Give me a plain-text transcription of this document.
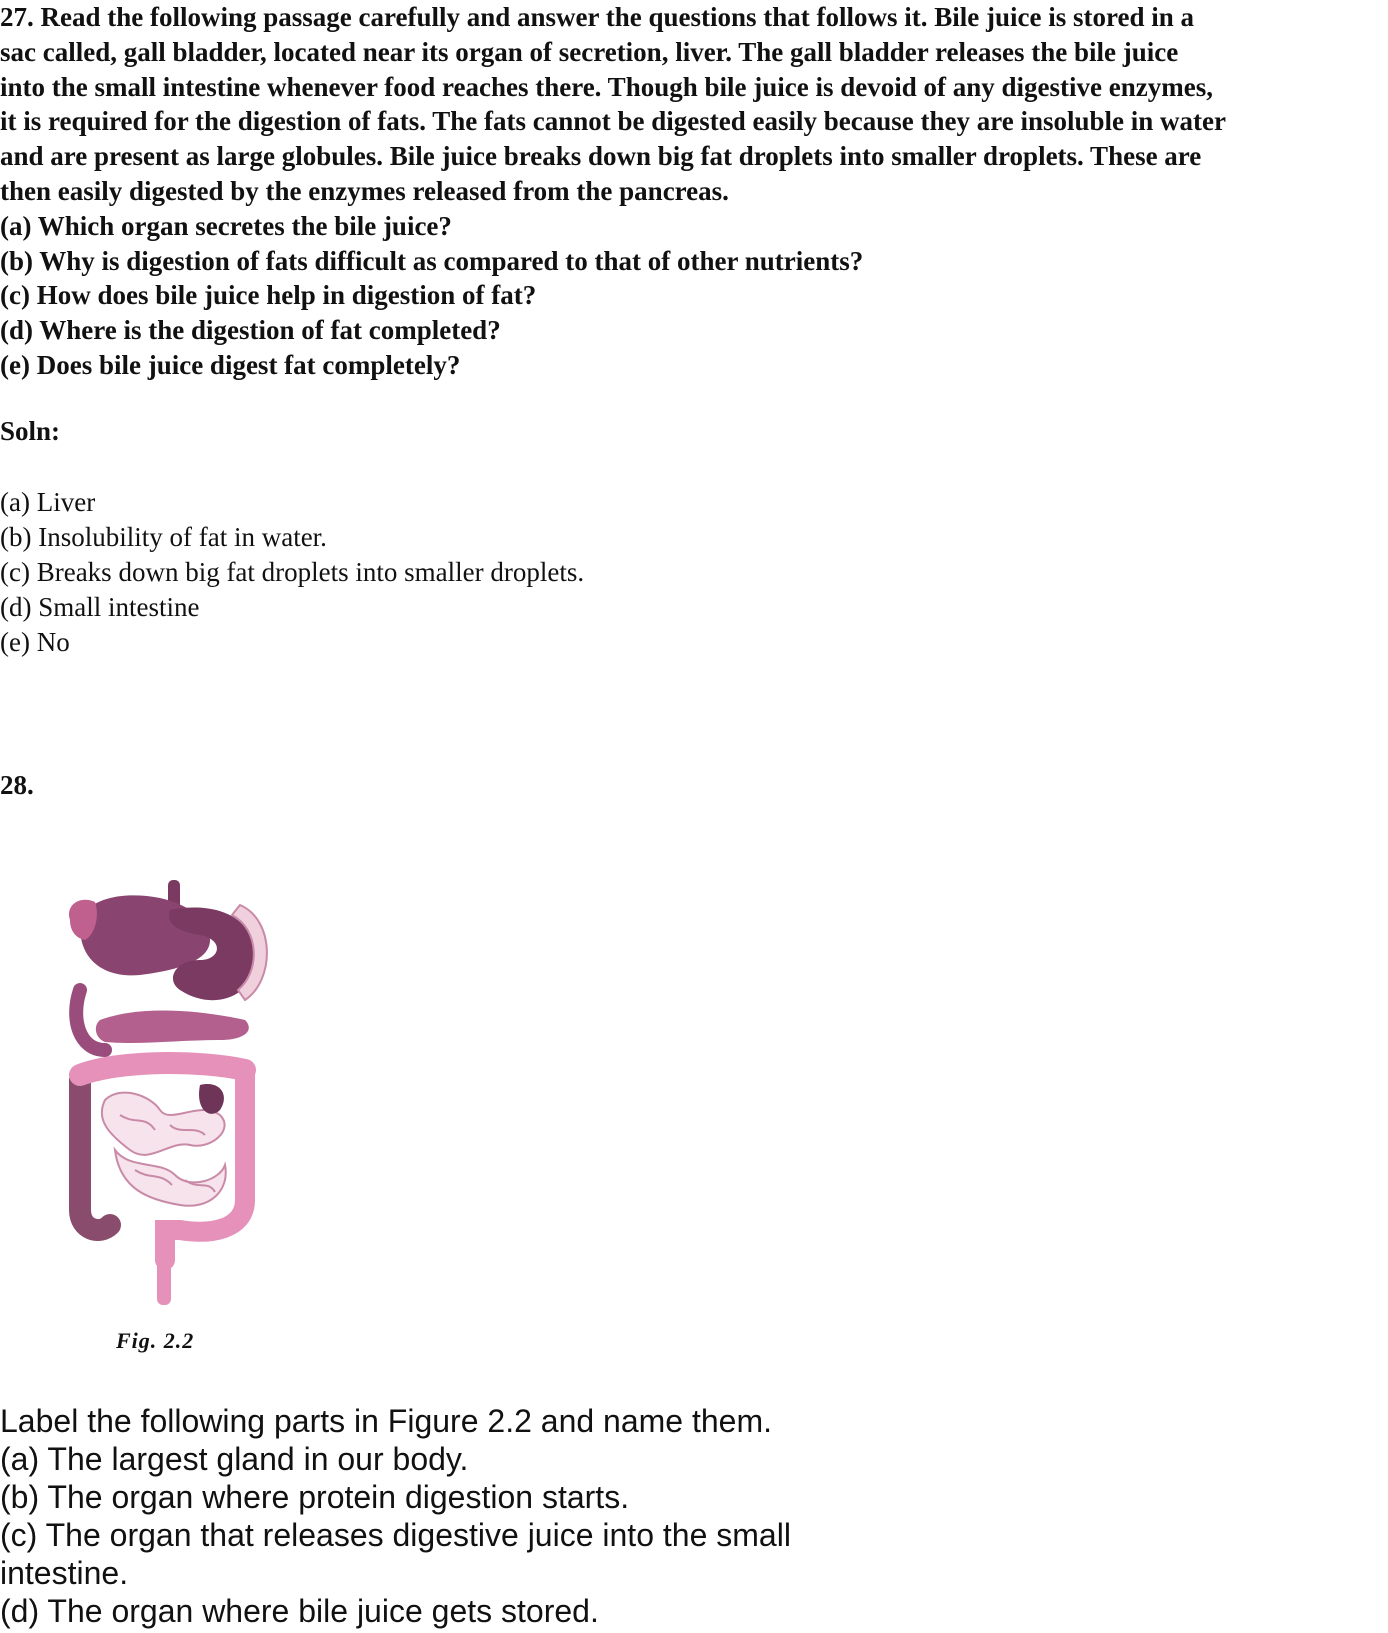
27. Read the following passage carefully and answer the questions that follows it. Bile juice is stored in a
sac called, gall bladder, located near its organ of secretion, liver. The gall bladder releases the bile juice
into the small intestine whenever food reaches there. Though bile juice is devoid of any digestive enzymes,
it is required for the digestion of fats. The fats cannot be digested easily because they are insoluble in water
and are present as large globules. Bile juice breaks down big fat droplets into smaller droplets. These are
then easily digested by the enzymes released from the pancreas.
(a) Which organ secretes the bile juice?
(b) Why is digestion of fats difficult as compared to that of other nutrients?
(c) How does bile juice help in digestion of fat?
(d) Where is the digestion of fat completed?
(e) Does bile juice digest fat completely?
Soln:
(a) Liver
(b) Insolubility of fat in water.
(c) Breaks down big fat droplets into smaller droplets.
(d) Small intestine
(e) No
28.
Fig. 2.2
Label the following parts in Figure 2.2 and name them.
(a) The largest gland in our body.
(b) The organ where protein digestion starts.
(c) The organ that releases digestive juice into the small
intestine.
(d) The organ where bile juice gets stored.
